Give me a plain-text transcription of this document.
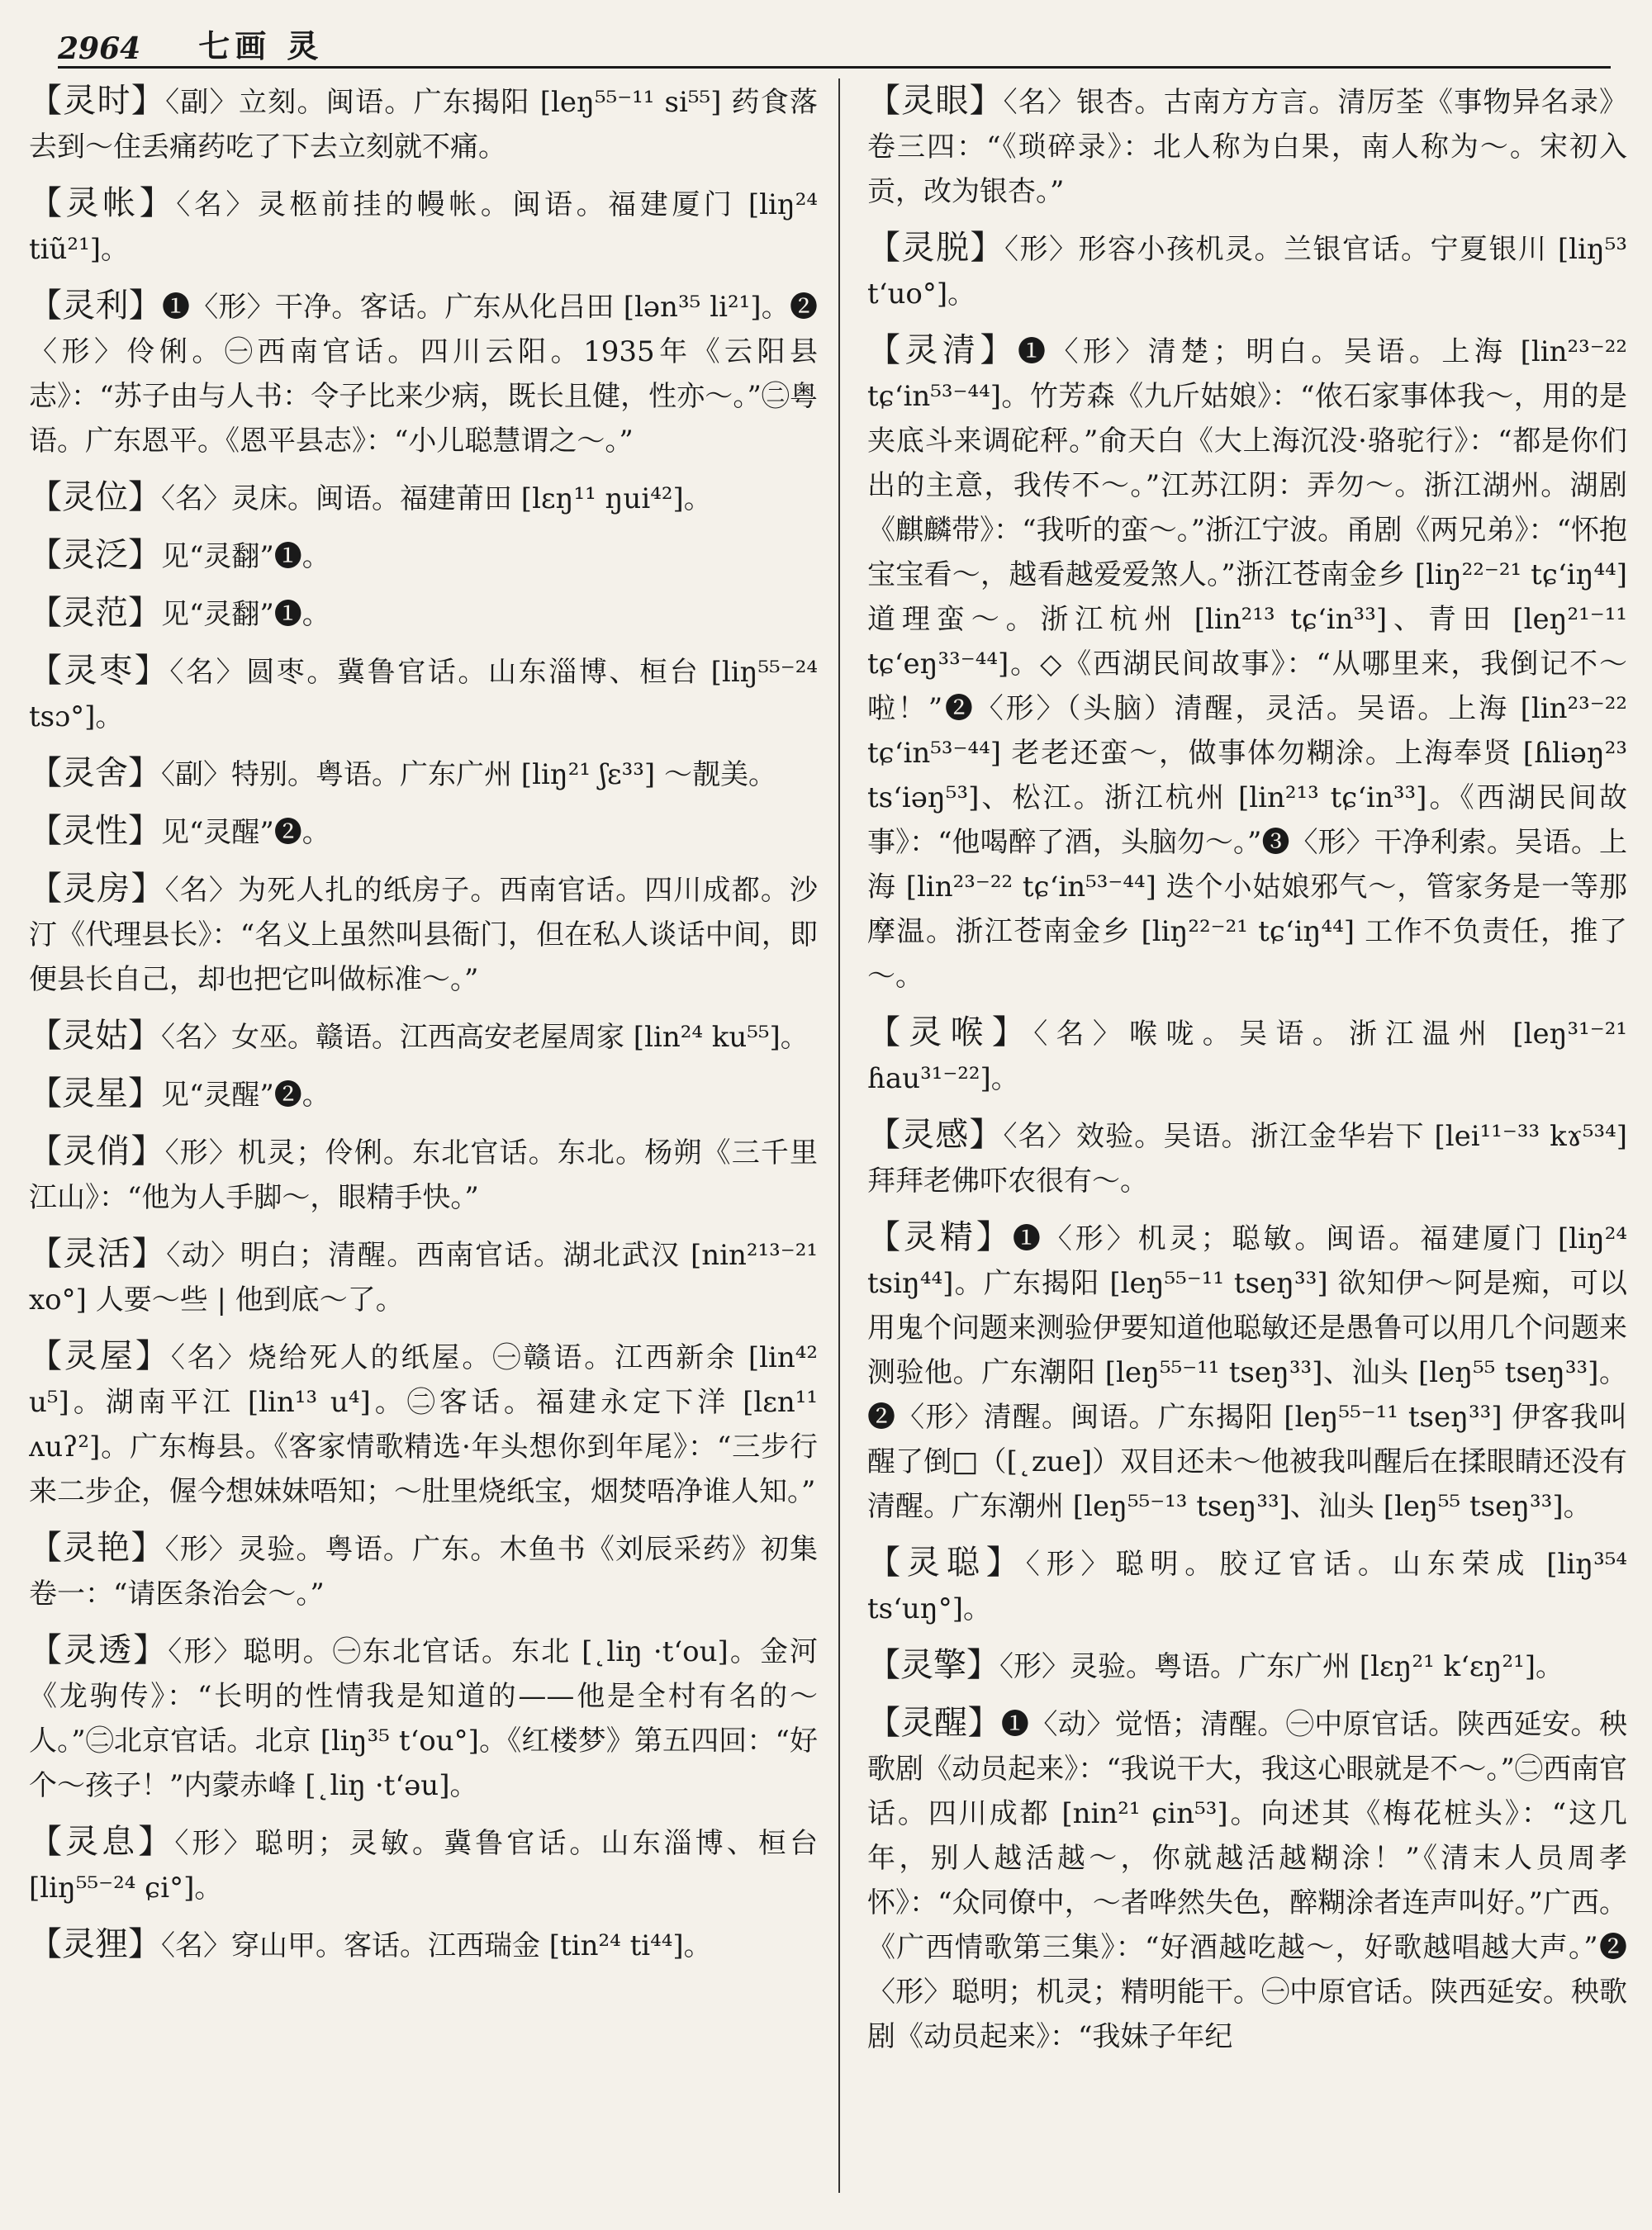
2964 七画 灵
【灵时】〈副〉立刻。闽语。广东揭阳 [leŋ⁵⁵⁻¹¹ si⁵⁵] 药食落去到～住丢痛药吃了下去立刻就不痛。
【灵帐】〈名〉灵柩前挂的幔帐。闽语。福建厦门 [liŋ²⁴ tiũ²¹]。
【灵利】❶〈形〉干净。客话。广东从化吕田 [lən³⁵ li²¹]。❷〈形〉伶俐。㊀西南官话。四川云阳。1935年《云阳县志》：“苏子由与人书：令子比来少病，既长且健，性亦～。”㊁粤语。广东恩平。《恩平县志》：“小儿聪慧谓之～。”
【灵位】〈名〉灵床。闽语。福建莆田 [lɛŋ¹¹ ŋui⁴²]。
【灵泛】见“灵翻”❶。
【灵范】见“灵翻”❶。
【灵枣】〈名〉圆枣。冀鲁官话。山东淄博、桓台 [liŋ⁵⁵⁻²⁴ tsɔ°]。
【灵舍】〈副〉特别。粤语。广东广州 [liŋ²¹ ʃɛ³³] ～靓美。
【灵性】见“灵醒”❷。
【灵房】〈名〉为死人扎的纸房子。西南官话。四川成都。沙汀《代理县长》：“名义上虽然叫县衙门，但在私人谈话中间，即便县长自己，却也把它叫做标准～。”
【灵姑】〈名〉女巫。赣语。江西高安老屋周家 [lin²⁴ ku⁵⁵]。
【灵星】见“灵醒”❷。
【灵俏】〈形〉机灵；伶俐。东北官话。东北。杨朔《三千里江山》：“他为人手脚～，眼精手快。”
【灵活】〈动〉明白；清醒。西南官话。湖北武汉 [nin²¹³⁻²¹ xo°] 人要～些 | 他到底～了。
【灵屋】〈名〉烧给死人的纸屋。㊀赣语。江西新余 [lin⁴² u⁵]。湖南平江 [lin¹³ u⁴]。㊁客话。福建永定下洋 [lɛn¹¹ ʌuʔ²]。广东梅县。《客家情歌精选·年头想你到年尾》：“三步行来二步企，偓今想妹妹唔知；～肚里烧纸宝，烟焚唔净谁人知。”
【灵艳】〈形〉灵验。粤语。广东。木鱼书《刘辰采药》初集卷一：“请医条治会～。”
【灵透】〈形〉聪明。㊀东北官话。东北 [˛liŋ ·t‘ou]。金河《龙驹传》：“长明的性情我是知道的——他是全村有名的～人。”㊁北京官话。北京 [liŋ³⁵ t‘ou°]。《红楼梦》第五四回：“好个～孩子！”内蒙赤峰 [˛liŋ ·t‘əu]。
【灵息】〈形〉聪明；灵敏。冀鲁官话。山东淄博、桓台 [liŋ⁵⁵⁻²⁴ ɕi°]。
【灵狸】〈名〉穿山甲。客话。江西瑞金 [tin²⁴ ti⁴⁴]。
【灵眼】〈名〉银杏。古南方方言。清厉荃《事物异名录》卷三四：“《琐碎录》：北人称为白果，南人称为～。宋初入贡，改为银杏。”
【灵脱】〈形〉形容小孩机灵。兰银官话。宁夏银川 [liŋ⁵³ t‘uo°]。
【灵清】❶〈形〉清楚；明白。吴语。上海 [lin²³⁻²² tɕ‘in⁵³⁻⁴⁴]。竹芳森《九斤姑娘》：“侬石家事体我～，用的是夹底斗来调砣秤。”俞天白《大上海沉没·骆驼行》：“都是你们出的主意，我传不～。”江苏江阴：弄勿～。浙江湖州。湖剧《麒麟带》：“我听的蛮～。”浙江宁波。甬剧《两兄弟》：“怀抱宝宝看～，越看越爱爱煞人。”浙江苍南金乡 [liŋ²²⁻²¹ tɕ‘iŋ⁴⁴] 道理蛮～。浙江杭州 [lin²¹³ tɕ‘in³³]、青田 [leŋ²¹⁻¹¹ tɕ‘eŋ³³⁻⁴⁴]。◇《西湖民间故事》：“从哪里来，我倒记不～啦！”❷〈形〉（头脑）清醒，灵活。吴语。上海 [lin²³⁻²² tɕ‘in⁵³⁻⁴⁴] 老老还蛮～，做事体勿糊涂。上海奉贤 [ɦliəŋ²³ ts‘iəŋ⁵³]、松江。浙江杭州 [lin²¹³ tɕ‘in³³]。《西湖民间故事》：“他喝醉了酒，头脑勿～。”❸〈形〉干净利索。吴语。上海 [lin²³⁻²² tɕ‘in⁵³⁻⁴⁴] 迭个小姑娘邪气～，管家务是一等那摩温。浙江苍南金乡 [liŋ²²⁻²¹ tɕ‘iŋ⁴⁴] 工作不负责任，推了～。
【灵喉】〈名〉喉咙。吴语。浙江温州 [leŋ³¹⁻²¹ ɦau³¹⁻²²]。
【灵感】〈名〉效验。吴语。浙江金华岩下 [lei¹¹⁻³³ kɤ⁵³⁴] 拜拜老佛吓农很有～。
【灵精】❶〈形〉机灵；聪敏。闽语。福建厦门 [liŋ²⁴ tsiŋ⁴⁴]。广东揭阳 [leŋ⁵⁵⁻¹¹ tseŋ³³] 欲知伊～阿是痴，可以用鬼个问题来测验伊要知道他聪敏还是愚鲁可以用几个问题来测验他。广东潮阳 [leŋ⁵⁵⁻¹¹ tseŋ³³]、汕头 [leŋ⁵⁵ tseŋ³³]。❷〈形〉清醒。闽语。广东揭阳 [leŋ⁵⁵⁻¹¹ tseŋ³³] 伊客我叫醒了倒□（[˛zue]）双目还未～他被我叫醒后在揉眼睛还没有清醒。广东潮州 [leŋ⁵⁵⁻¹³ tseŋ³³]、汕头 [leŋ⁵⁵ tseŋ³³]。
【灵聪】〈形〉聪明。胶辽官话。山东荣成 [liŋ³⁵⁴ ts‘uŋ°]。
【灵擎】〈形〉灵验。粤语。广东广州 [lɛŋ²¹ k‘ɛŋ²¹]。
【灵醒】❶〈动〉觉悟；清醒。㊀中原官话。陕西延安。秧歌剧《动员起来》：“我说干大，我这心眼就是不～。”㊁西南官话。四川成都 [nin²¹ ɕin⁵³]。向述其《梅花桩头》：“这几年，别人越活越～，你就越活越糊涂！”《清末人员周孝怀》：“众同僚中，～者哗然失色，醉糊涂者连声叫好。”广西。《广西情歌第三集》：“好酒越吃越～，好歌越唱越大声。”❷〈形〉聪明；机灵；精明能干。㊀中原官话。陕西延安。秧歌剧《动员起来》：“我妹子年纪
